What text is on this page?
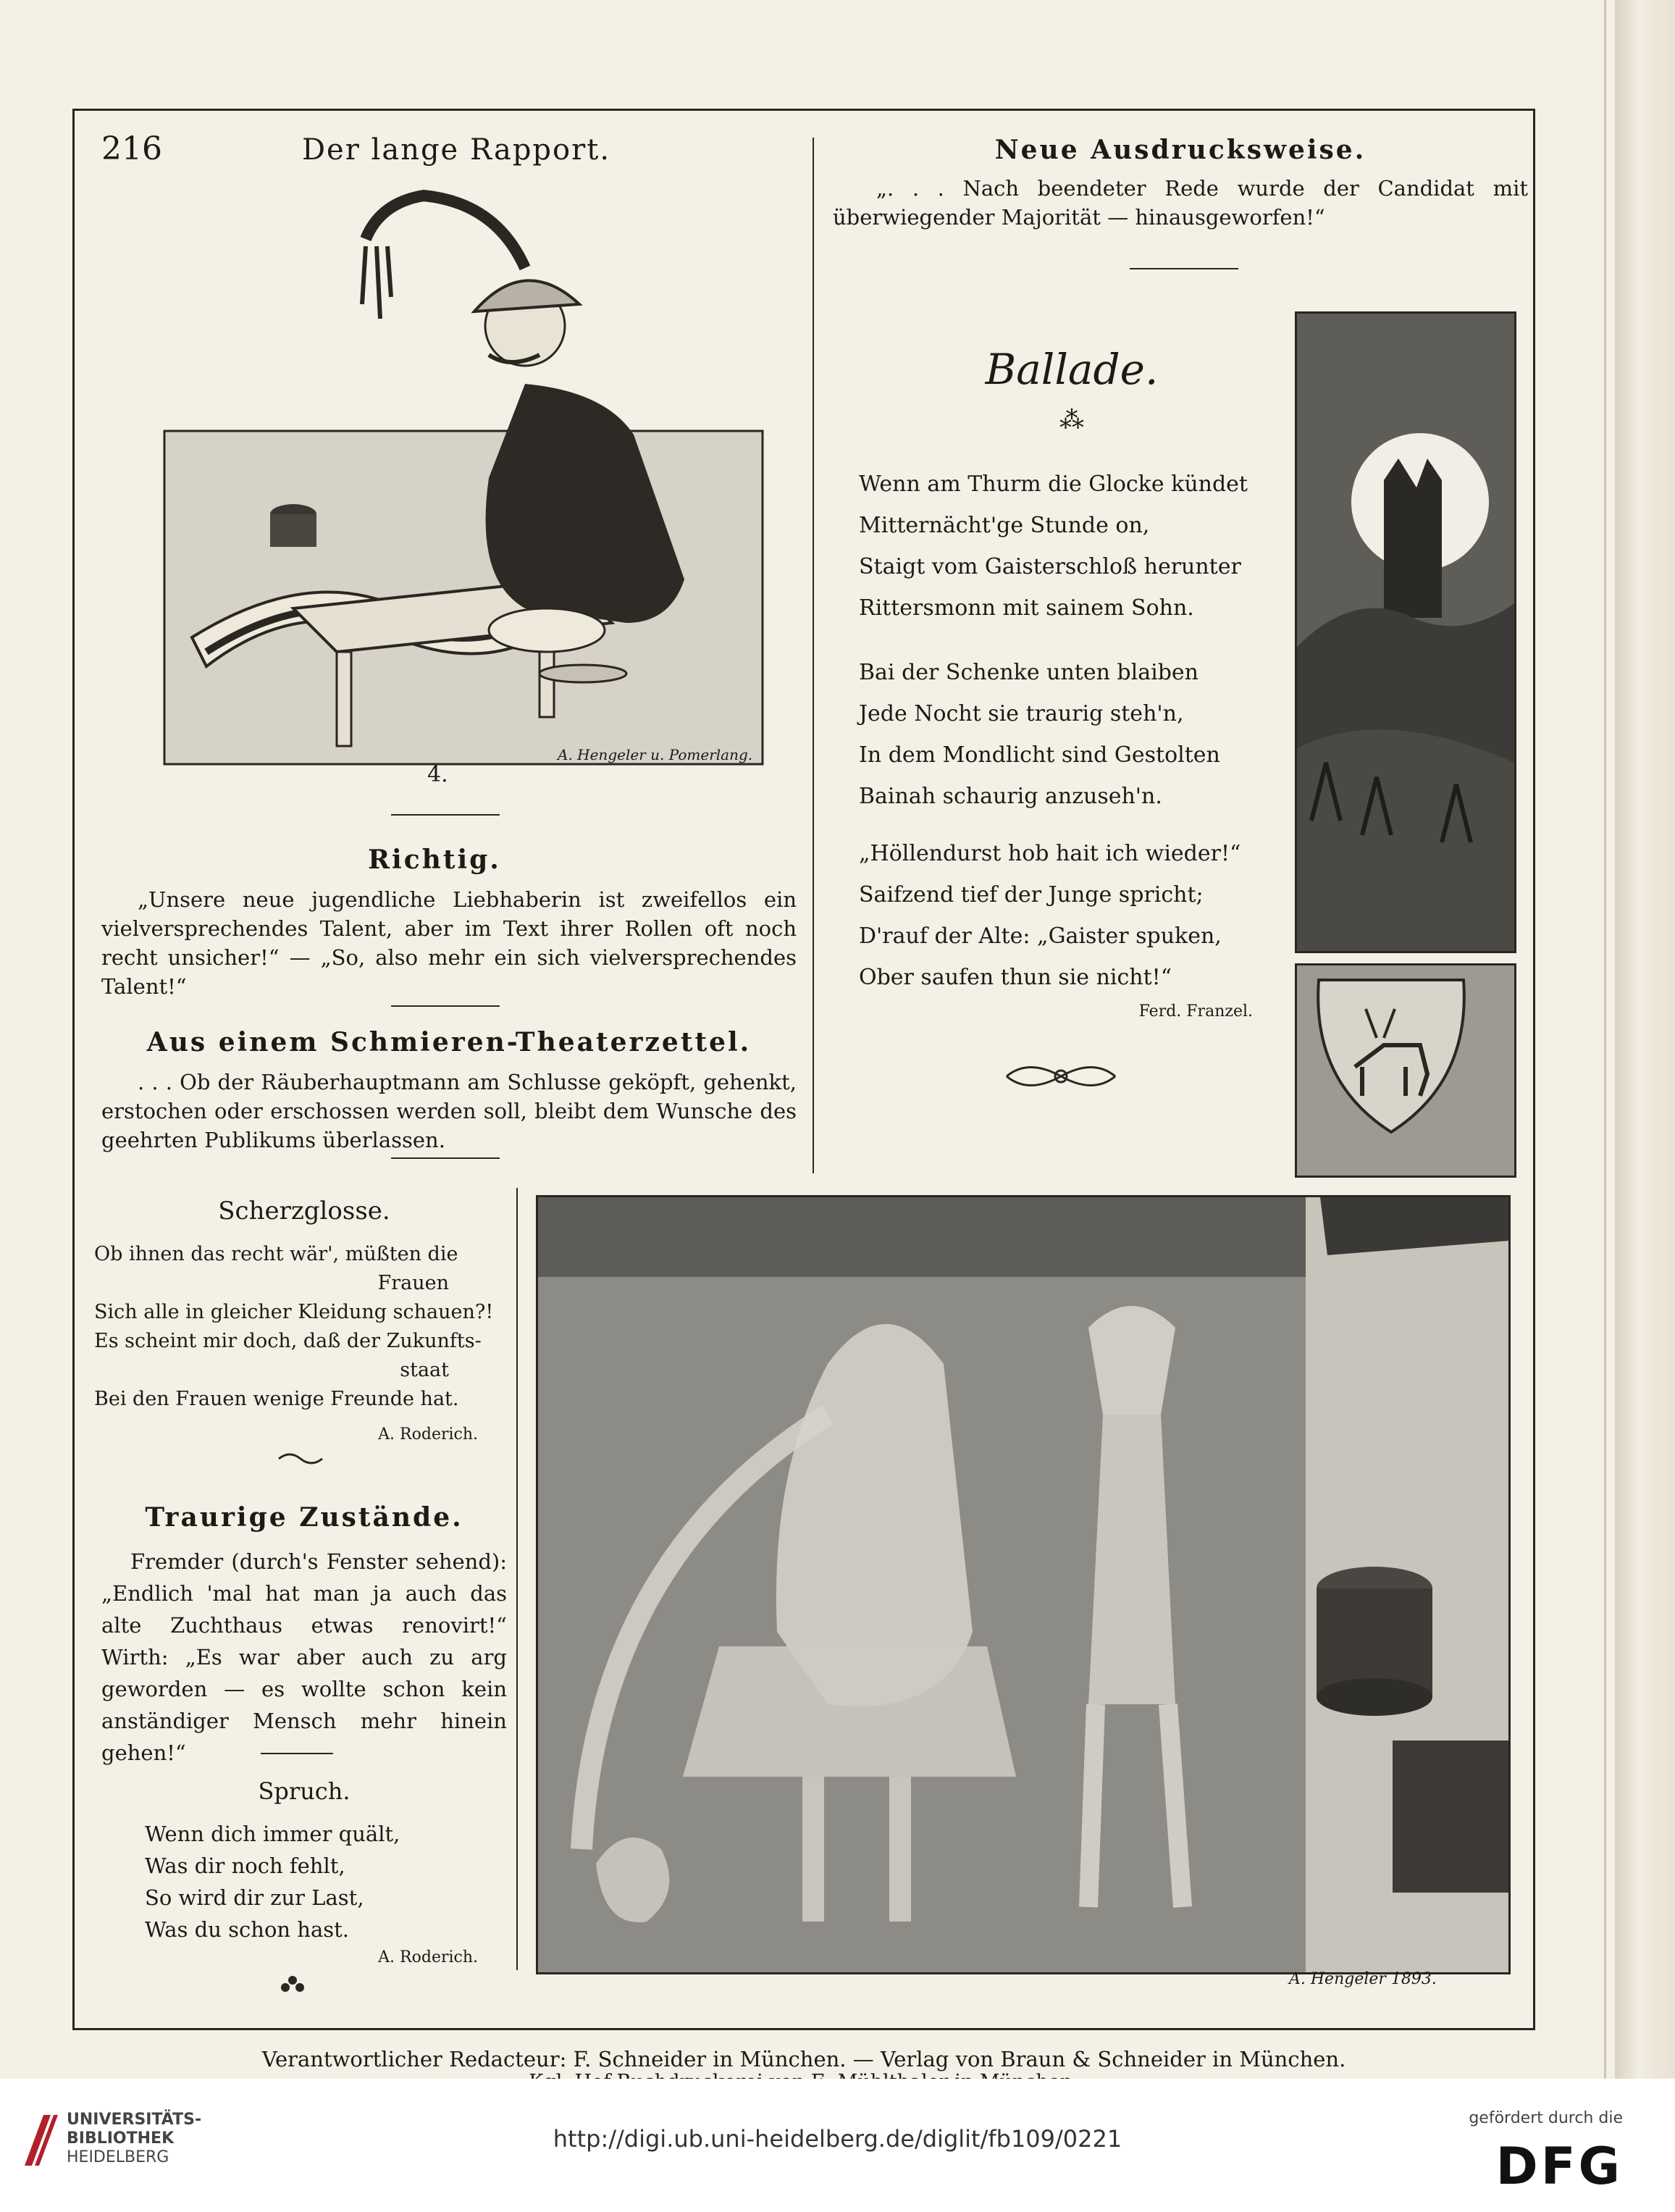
216	Der lange Rapport.	Neue Ausdrucksweise.
„. . . Nach beendeter Rede wurde der Candidat mit überwiegender Majorität — hinausgeworfen!“
A. Hengeler u. Pomerlang.
4.
Richtig.
„Unsere neue jugendliche Liebhaberin ist zweifellos ein vielversprechendes Talent, aber im Text ihrer Rollen oft noch recht unsicher!“ — „So, also mehr ein sich vielversprechendes Talent!“
Aus einem Schmieren-Theaterzettel.
. . . Ob der Räuberhauptmann am Schlusse geköpft, gehenkt, erstochen oder erschossen werden soll, bleibt dem Wunsche des geehrten Publikums überlassen.
Ballade.
⁂
Wenn am Thurm die Glocke kündet
Mitternächt'ge Stunde on,
Staigt vom Gaisterschloß herunter
Rittersmonn mit sainem Sohn.
Bai der Schenke unten blaiben
Jede Nocht sie traurig steh'n,
In dem Mondlicht sind Gestolten
Bainah schaurig anzuseh'n.
„Höllendurst hob hait ich wieder!“
Saifzend tief der Junge spricht;
D'rauf der Alte: „Gaister spuken,
Ober saufen thun sie nicht!“
Ferd. Franzel.
Scherzglosse.
Ob ihnen das recht wär', müßten die
Frauen
Sich alle in gleicher Kleidung schauen?!
Es scheint mir doch, daß der Zukunfts-
staat
Bei den Frauen wenige Freunde hat.
A. Roderich.
Traurige Zustände.
Fremder (durch's Fenster sehend): „Endlich 'mal hat man ja auch das alte Zuchthaus etwas renovirt!“ Wirth: „Es war aber auch zu arg geworden — es wollte schon kein anständiger Mensch mehr hinein gehen!“
Spruch.
Wenn dich immer quält,
Was dir noch fehlt,
So wird dir zur Last,
Was du schon hast.
A. Roderich.
A. Hengeler 1893.
Verantwortlicher Redacteur: F. Schneider in München. — Verlag von Braun & Schneider in München.
UNIVERSITÄTS-
BIBLIOTHEK
HEIDELBERG
http://digi.ub.uni-heidelberg.de/diglit/fb109/0221
gefördert durch die
DFG
